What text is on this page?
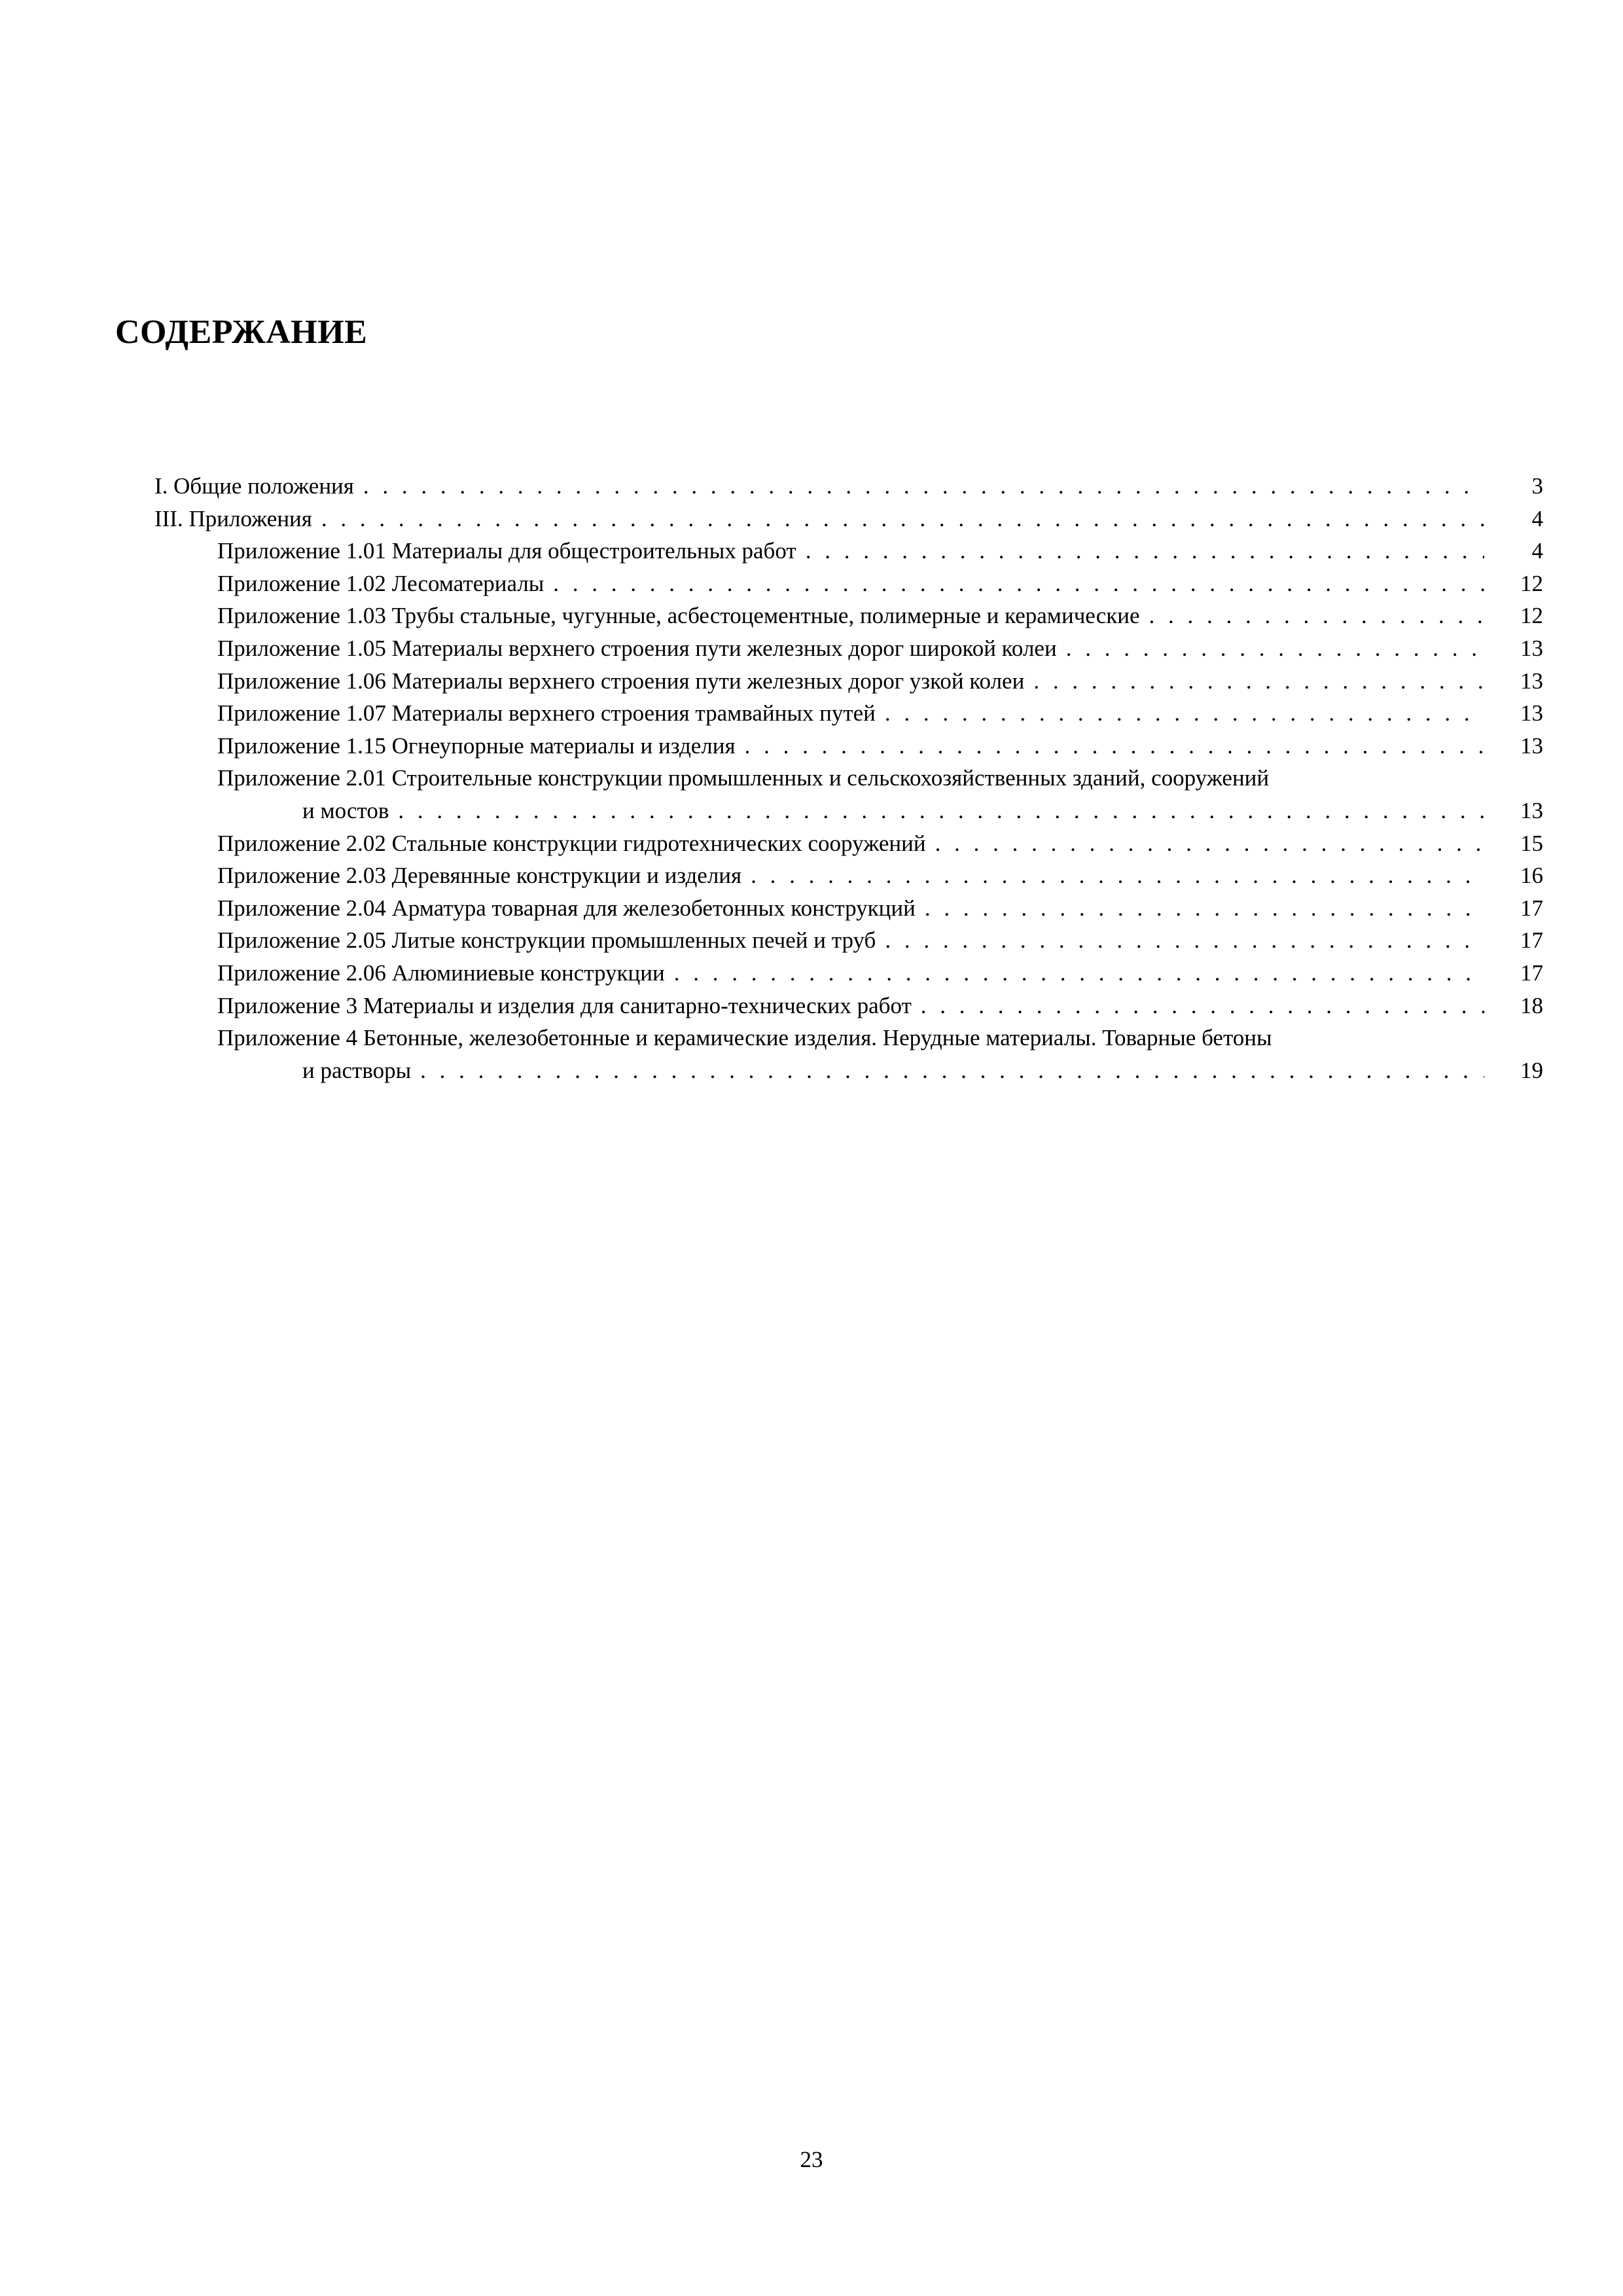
СОДЕРЖАНИЕ
I. Общие положения . . .	3
III. Приложения . . .	4
Приложение 1.01 Материалы для общестроительных работ . . .	4
Приложение 1.02 Лесоматериалы . . .	12
Приложение 1.03 Трубы стальные, чугунные, асбестоцементные, полимерные и керамические . . .	12
Приложение 1.05 Материалы верхнего строения пути железных дорог широкой колеи . . .	13
Приложение 1.06 Материалы верхнего строения пути железных дорог узкой колеи . . .	13
Приложение 1.07 Материалы верхнего строения трамвайных путей . . .	13
Приложение 1.15 Огнеупорные материалы и изделия . . .	13
Приложение 2.01 Строительные конструкции промышленных и сельскохозяйственных зданий, сооружений
и мостов . . .	13
Приложение 2.02 Стальные конструкции гидротехнических сооружений . . .	15
Приложение 2.03 Деревянные конструкции и изделия . . .	16
Приложение 2.04 Арматура товарная для железобетонных конструкций . . .	17
Приложение 2.05 Литые конструкции промышленных печей и труб . . .	17
Приложение 2.06 Алюминиевые конструкции . . .	17
Приложение 3 Материалы и изделия для санитарно-технических работ . . .	18
Приложение 4 Бетонные, железобетонные и керамические изделия. Нерудные материалы. Товарные бетоны
и растворы . . .	19
23
